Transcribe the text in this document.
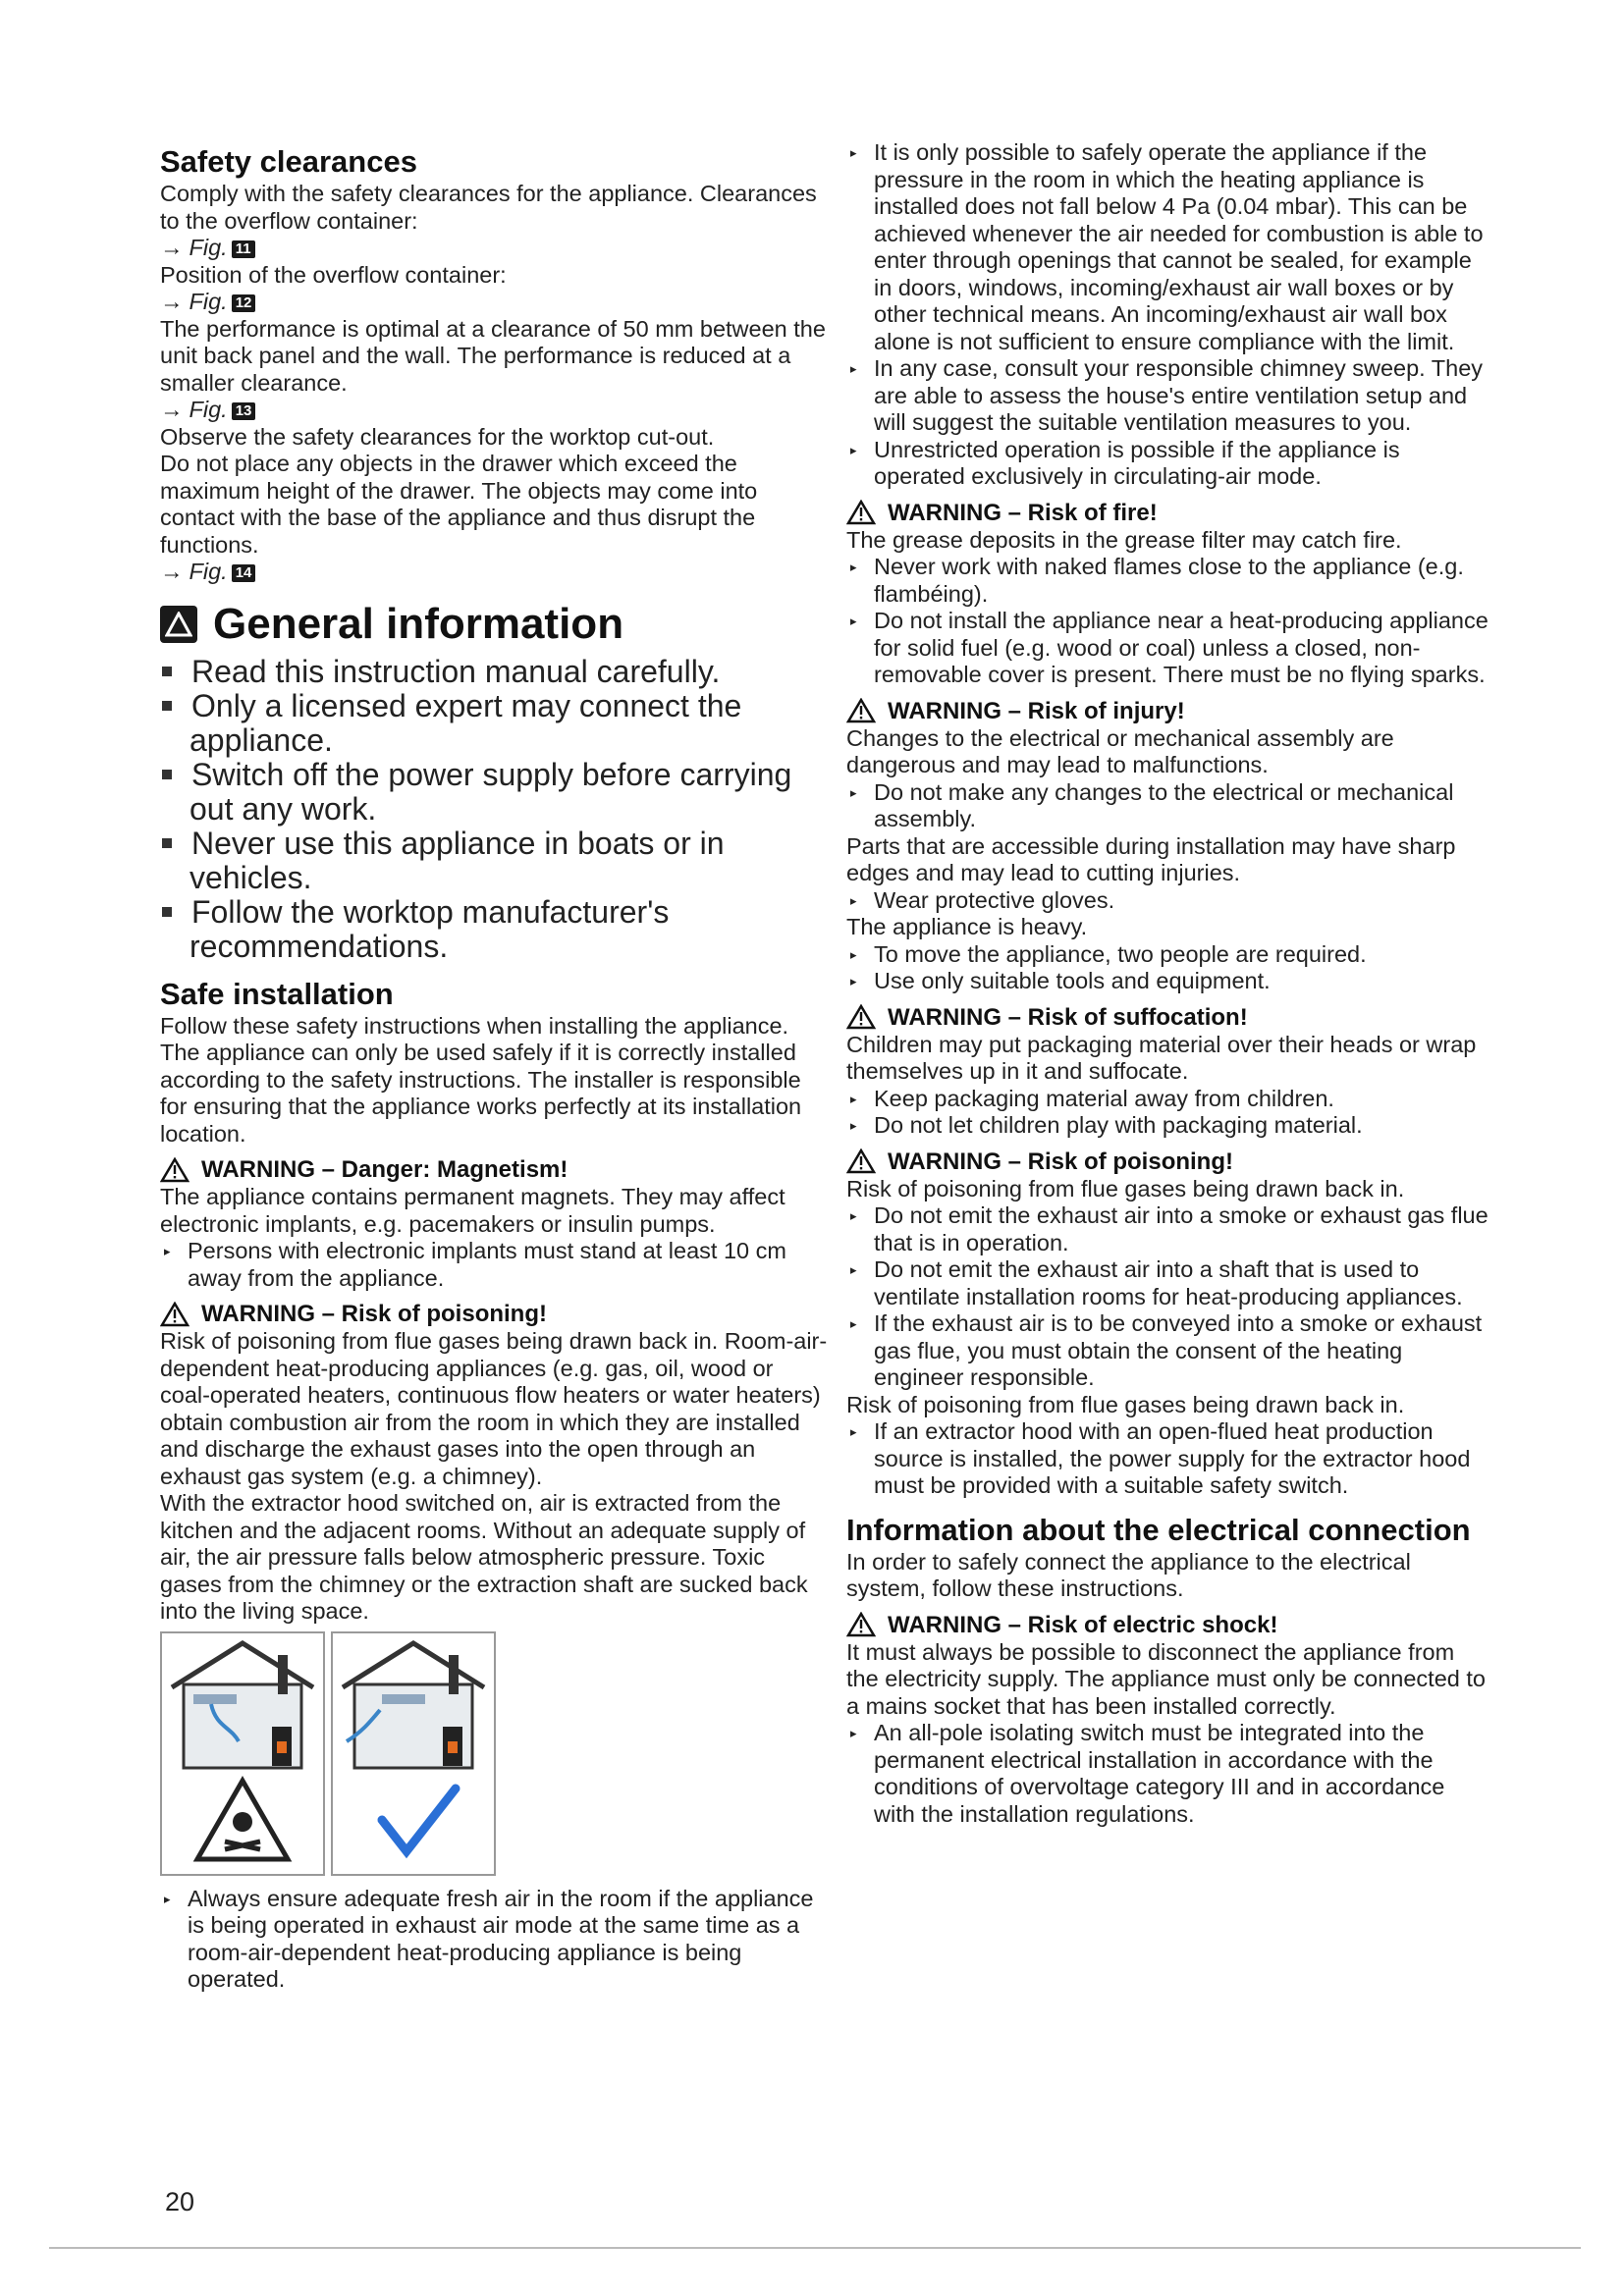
Safety clearances

Comply with the safety clearances for the appliance. Clearances to the overflow container:

→ Fig. 11

Position of the overflow container:

→ Fig. 12

The performance is optimal at a clearance of 50 mm between the unit back panel and the wall. The performance is reduced at a smaller clearance.

→ Fig. 13

Observe the safety clearances for the worktop cut-out.

Do not place any objects in the drawer which exceed the maximum height of the drawer. The objects may come into contact with the base of the appliance and thus disrupt the functions.

→ Fig. 14

General information

Read this instruction manual carefully.

Only a licensed expert may connect the appliance.

Switch off the power supply before carrying out any work.

Never use this appliance in boats or in vehicles.

Follow the worktop manufacturer's recommendations.

Safe installation

Follow these safety instructions when installing the appliance.

The appliance can only be used safely if it is correctly installed according to the safety instructions. The installer is responsible for ensuring that the appliance works perfectly at its installation location.

WARNING – Danger: Magnetism!

The appliance contains permanent magnets. They may affect electronic implants, e.g. pacemakers or insulin pumps.

▸ Persons with electronic implants must stand at least 10 cm away from the appliance.

WARNING – Risk of poisoning!

Risk of poisoning from flue gases being drawn back in. Room-air-dependent heat-producing appliances (e.g. gas, oil, wood or coal-operated heaters, continuous flow heaters or water heaters) obtain combustion air from the room in which they are installed and discharge the exhaust gases into the open through an exhaust gas system (e.g. a chimney).

With the extractor hood switched on, air is extracted from the kitchen and the adjacent rooms. Without an adequate supply of air, the air pressure falls below atmospheric pressure. Toxic gases from the chimney or the extraction shaft are sucked back into the living space.

▸ Always ensure adequate fresh air in the room if the appliance is being operated in exhaust air mode at the same time as a room-air-dependent heat-producing appliance is being operated.

▸ It is only possible to safely operate the appliance if the pressure in the room in which the heating appliance is installed does not fall below 4 Pa (0.04 mbar). This can be achieved whenever the air needed for combustion is able to enter through openings that cannot be sealed, for example in doors, windows, incoming/exhaust air wall boxes or by other technical means. An incoming/exhaust air wall box alone is not sufficient to ensure compliance with the limit.

▸ In any case, consult your responsible chimney sweep. They are able to assess the house's entire ventilation setup and will suggest the suitable ventilation measures to you.

▸ Unrestricted operation is possible if the appliance is operated exclusively in circulating-air mode.

WARNING – Risk of fire!

The grease deposits in the grease filter may catch fire.

▸ Never work with naked flames close to the appliance (e.g. flambéing).

▸ Do not install the appliance near a heat-producing appliance for solid fuel (e.g. wood or coal) unless a closed, non-removable cover is present. There must be no flying sparks.

WARNING – Risk of injury!

Changes to the electrical or mechanical assembly are dangerous and may lead to malfunctions.

▸ Do not make any changes to the electrical or mechanical assembly.

Parts that are accessible during installation may have sharp edges and may lead to cutting injuries.

▸ Wear protective gloves.

The appliance is heavy.

▸ To move the appliance, two people are required.

▸ Use only suitable tools and equipment.

WARNING – Risk of suffocation!

Children may put packaging material over their heads or wrap themselves up in it and suffocate.

▸ Keep packaging material away from children.

▸ Do not let children play with packaging material.

WARNING – Risk of poisoning!

Risk of poisoning from flue gases being drawn back in.

▸ Do not emit the exhaust air into a smoke or exhaust gas flue that is in operation.

▸ Do not emit the exhaust air into a shaft that is used to ventilate installation rooms for heat-producing appliances.

▸ If the exhaust air is to be conveyed into a smoke or exhaust gas flue, you must obtain the consent of the heating engineer responsible.

Risk of poisoning from flue gases being drawn back in.

▸ If an extractor hood with an open-flued heat production source is installed, the power supply for the extractor hood must be provided with a suitable safety switch.

Information about the electrical connection

In order to safely connect the appliance to the electrical system, follow these instructions.

WARNING – Risk of electric shock!

It must always be possible to disconnect the appliance from the electricity supply. The appliance must only be connected to a mains socket that has been installed correctly.

▸ An all-pole isolating switch must be integrated into the permanent electrical installation in accordance with the conditions of overvoltage category III and in accordance with the installation regulations.

20
